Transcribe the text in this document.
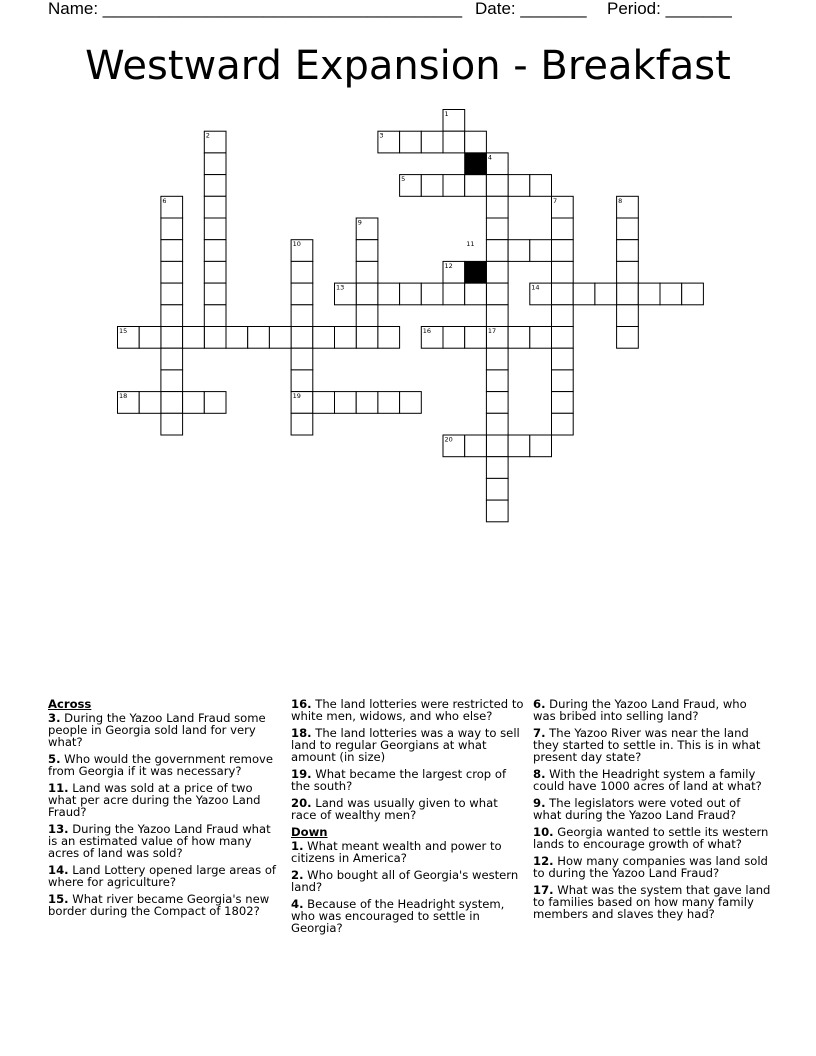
Name: ______________________________________ Date: _______ Period: _______
Westward Expansion - Breakfast
1
2	3
4
5
6	7	8
9
10	11
12
13	14
15	16	17
18	19
20
Across
3. During the Yazoo Land Fraud some people in Georgia sold land for very what?
5. Who would the government remove from Georgia if it was necessary?
11. Land was sold at a price of two what per acre during the Yazoo Land Fraud?
13. During the Yazoo Land Fraud what is an estimated value of how many acres of land was sold?
14. Land Lottery opened large areas of where for agriculture?
15. What river became Georgia's new border during the Compact of 1802?
16. The land lotteries were restricted to white men, widows, and who else?
18. The land lotteries was a way to sell land to regular Georgians at what amount (in size)
19. What became the largest crop of the south?
20. Land was usually given to what race of wealthy men?
Down
1. What meant wealth and power to citizens in America?
2. Who bought all of Georgia's western land?
4. Because of the Headright system, who was encouraged to settle in Georgia?
6. During the Yazoo Land Fraud, who was bribed into selling land?
7. The Yazoo River was near the land they started to settle in. This is in what present day state?
8. With the Headright system a family could have 1000 acres of land at what?
9. The legislators were voted out of what during the Yazoo Land Fraud?
10. Georgia wanted to settle its western lands to encourage growth of what?
12. How many companies was land sold to during the Yazoo Land Fraud?
17. What was the system that gave land to families based on how many family members and slaves they had?
